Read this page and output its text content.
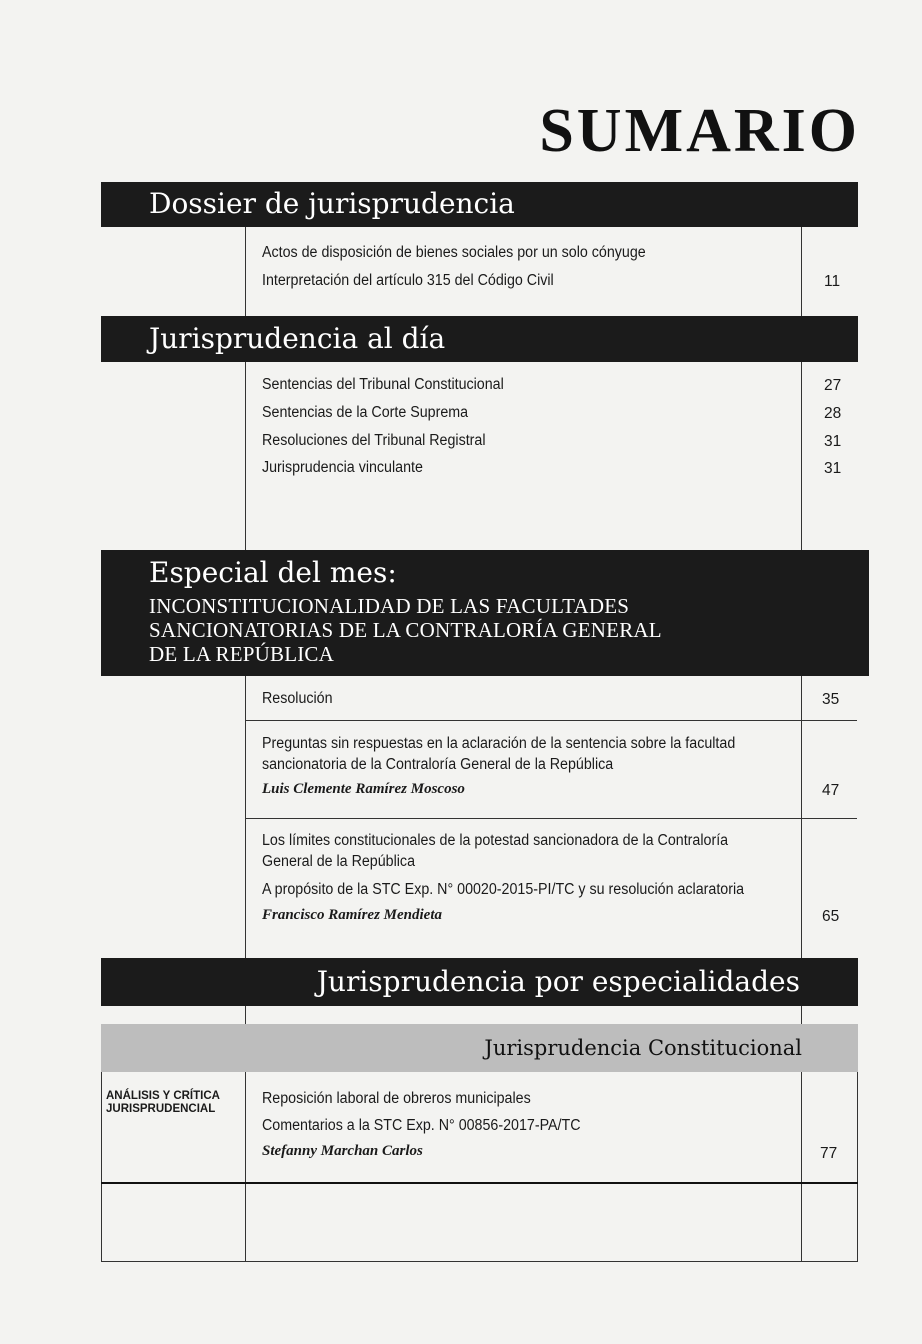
SUMARIO
Dossier de jurisprudencia
Actos de disposición de bienes sociales por un solo cónyuge
Interpretación del artículo 315 del Código Civil	11
Jurisprudencia al día
Sentencias del Tribunal Constitucional	27
Sentencias de la Corte Suprema	28
Resoluciones del Tribunal Registral	31
Jurisprudencia vinculante	31
Especial del mes:
INCONSTITUCIONALIDAD DE LAS FACULTADES
SANCIONATORIAS DE LA CONTRALORÍA GENERAL
DE LA REPÚBLICA
Resolución	35
Preguntas sin respuestas en la aclaración de la sentencia sobre la facultad
sancionatoria de la Contraloría General de la República
Luis Clemente Ramírez Moscoso	47
Los límites constitucionales de la potestad sancionadora de la Contraloría
General de la República
A propósito de la STC Exp. N° 00020-2015-PI/TC y su resolución aclaratoria
Francisco Ramírez Mendieta	65
Jurisprudencia por especialidades
Jurisprudencia Constitucional
ANÁLISIS Y CRÍTICA
JURISPRUDENCIAL
Reposición laboral de obreros municipales
Comentarios a la STC Exp. N° 00856-2017-PA/TC
Stefanny Marchan Carlos	77
